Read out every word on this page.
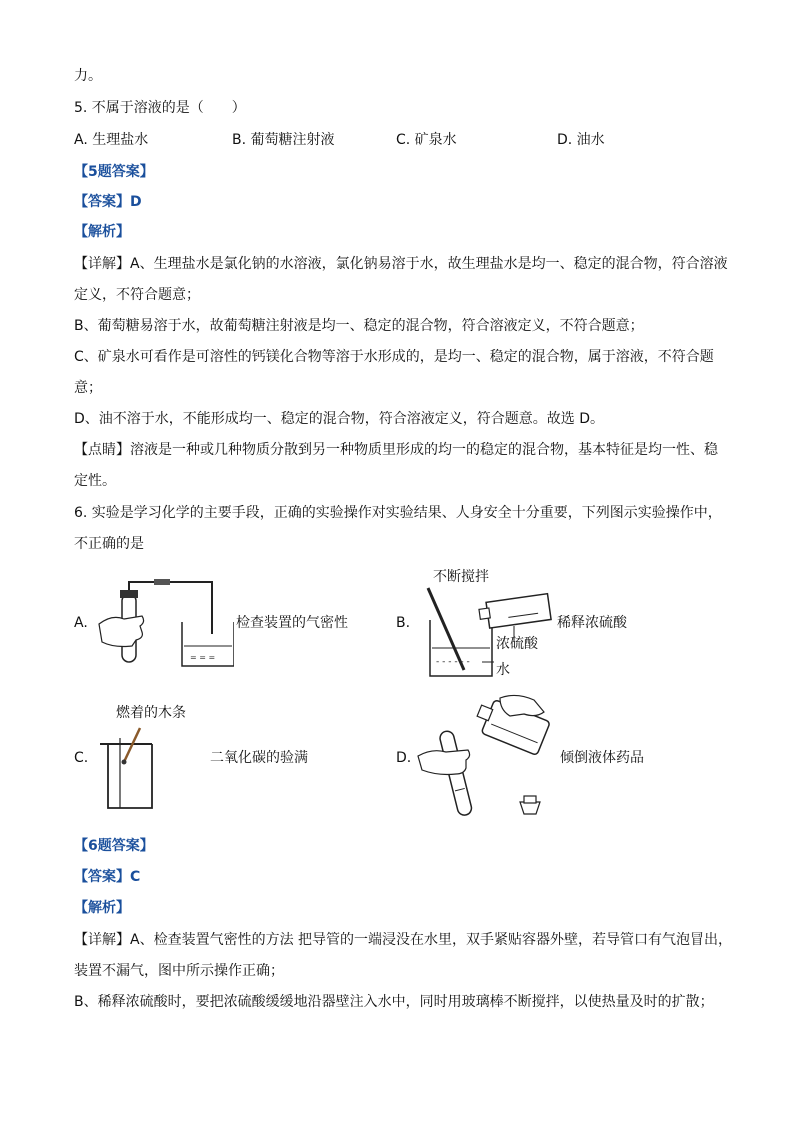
力。
5. 不属于溶液的是（　　）
A. 生理盐水	B. 葡萄糖注射液	C. 矿泉水	D. 油水
【5题答案】
【答案】D
【解析】
【详解】A、生理盐水是氯化钠的水溶液，氯化钠易溶于水，故生理盐水是均一、稳定的混合物，符合溶液
定义，不符合题意；
B、葡萄糖易溶于水，故葡萄糖注射液是均一、稳定的混合物，符合溶液定义，不符合题意；
C、矿泉水可看作是可溶性的钙镁化合物等溶于水形成的，是均一、稳定的混合物，属于溶液，不符合题
意；
D、油不溶于水，不能形成均一、稳定的混合物，符合溶液定义，符合题意。故选 D。
【点睛】溶液是一种或几种物质分散到另一种物质里形成的均一的稳定的混合物，基本特征是均一性、稳
定性。
6. 实验是学习化学的主要手段，正确的实验操作对实验结果、人身安全十分重要，下列图示实验操作中，
不正确的是
A.
= = =
检查装置的气密性	B.
不断搅拌
浓硫酸
水
- - - - - -
稀释浓硫酸
燃着的木条
C.	二氧化碳的验满	D.	倾倒液体药品
【6题答案】
【答案】C
【解析】
【详解】A、检查装置气密性的方法 把导管的一端浸没在水里，双手紧贴容器外壁，若导管口有气泡冒出，
装置不漏气，图中所示操作正确；
B、稀释浓硫酸时，要把浓硫酸缓缓地沿器壁注入水中，同时用玻璃棒不断搅拌，以使热量及时的扩散；
